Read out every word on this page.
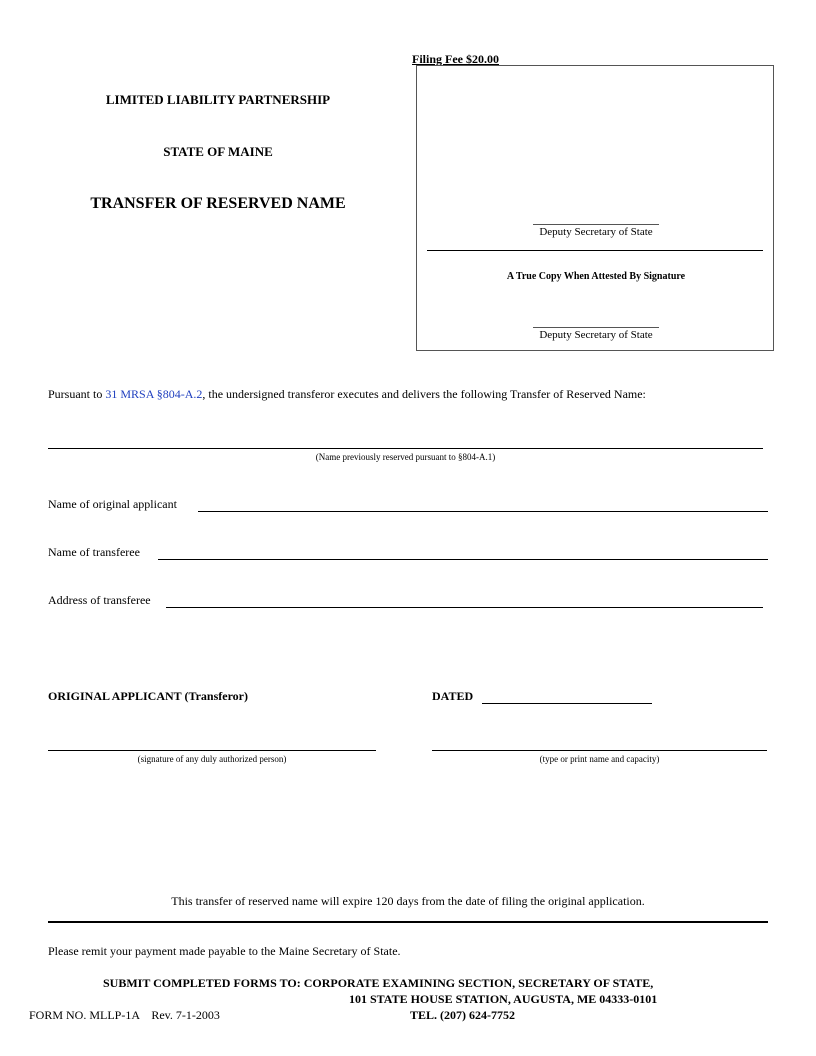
Filing Fee $20.00
LIMITED LIABILITY PARTNERSHIP
STATE OF MAINE
TRANSFER OF RESERVED NAME
Deputy Secretary of State
A True Copy When Attested By Signature
Deputy Secretary of State
Pursuant to 31 MRSA §804-A.2, the undersigned transferor executes and delivers the following Transfer of Reserved Name:
(Name previously reserved pursuant to §804-A.1)
Name of original applicant
Name of transferee
Address of transferee
ORIGINAL APPLICANT (Transferor)	DATED
(signature of any duly authorized person)	(type or print name and capacity)
This transfer of reserved name will expire 120 days from the date of filing the original application.
Please remit your payment made payable to the Maine Secretary of State.
SUBMIT COMPLETED FORMS TO: CORPORATE EXAMINING SECTION, SECRETARY OF STATE,
101 STATE HOUSE STATION, AUGUSTA, ME 04333-0101
TEL. (207) 624-7752
FORM NO. MLLP-1A    Rev. 7-1-2003
